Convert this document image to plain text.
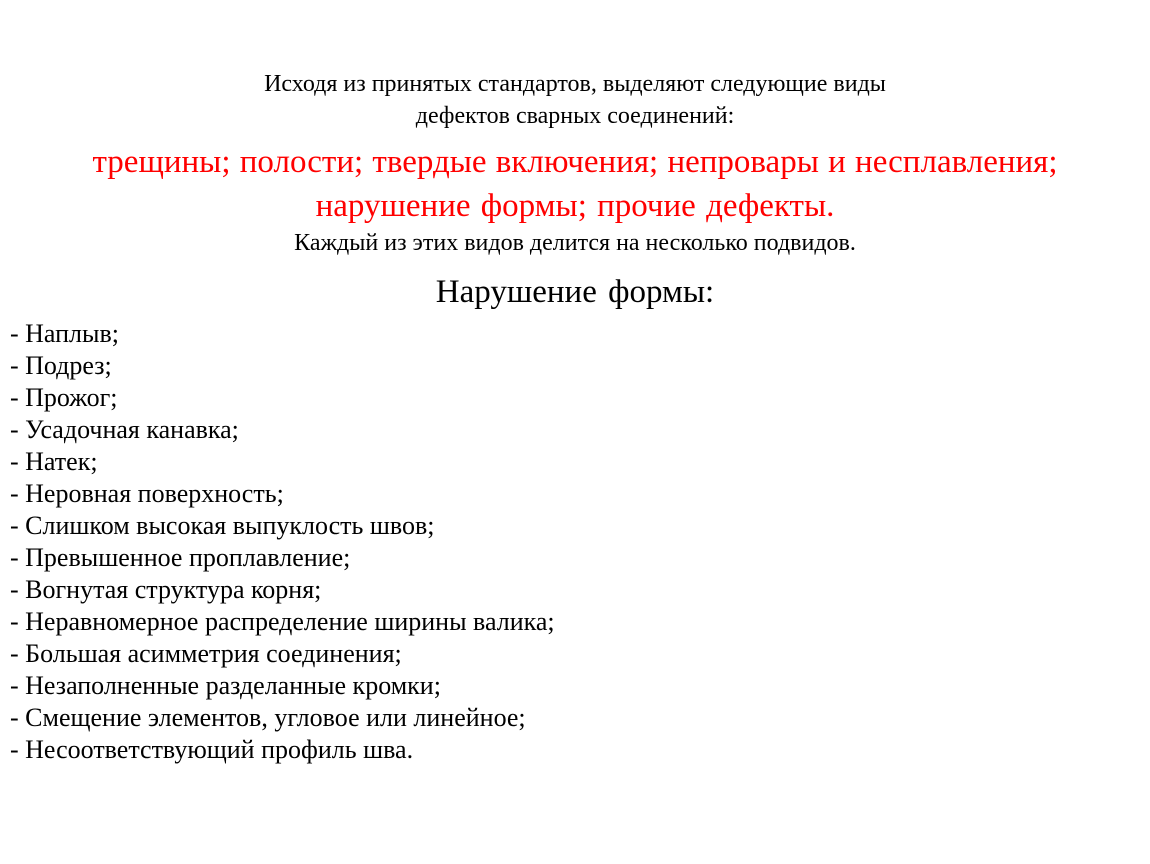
Исходя из принятых стандартов, выделяют следующие виды
дефектов сварных соединений:
трещины; полости; твердые включения; непровары и несплавления;
нарушение формы; прочие дефекты.
Каждый из этих видов делится на несколько подвидов.
Нарушение формы:
- Наплыв;
- Подрез;
- Прожог;
- Усадочная канавка;
- Натек;
- Неровная поверхность;
- Слишком высокая выпуклость швов;
- Превышенное проплавление;
- Вогнутая структура корня;
- Неравномерное распределение ширины валика;
- Большая асимметрия соединения;
- Незаполненные разделанные кромки;
- Смещение элементов, угловое или линейное;
- Несоответствующий профиль шва.
